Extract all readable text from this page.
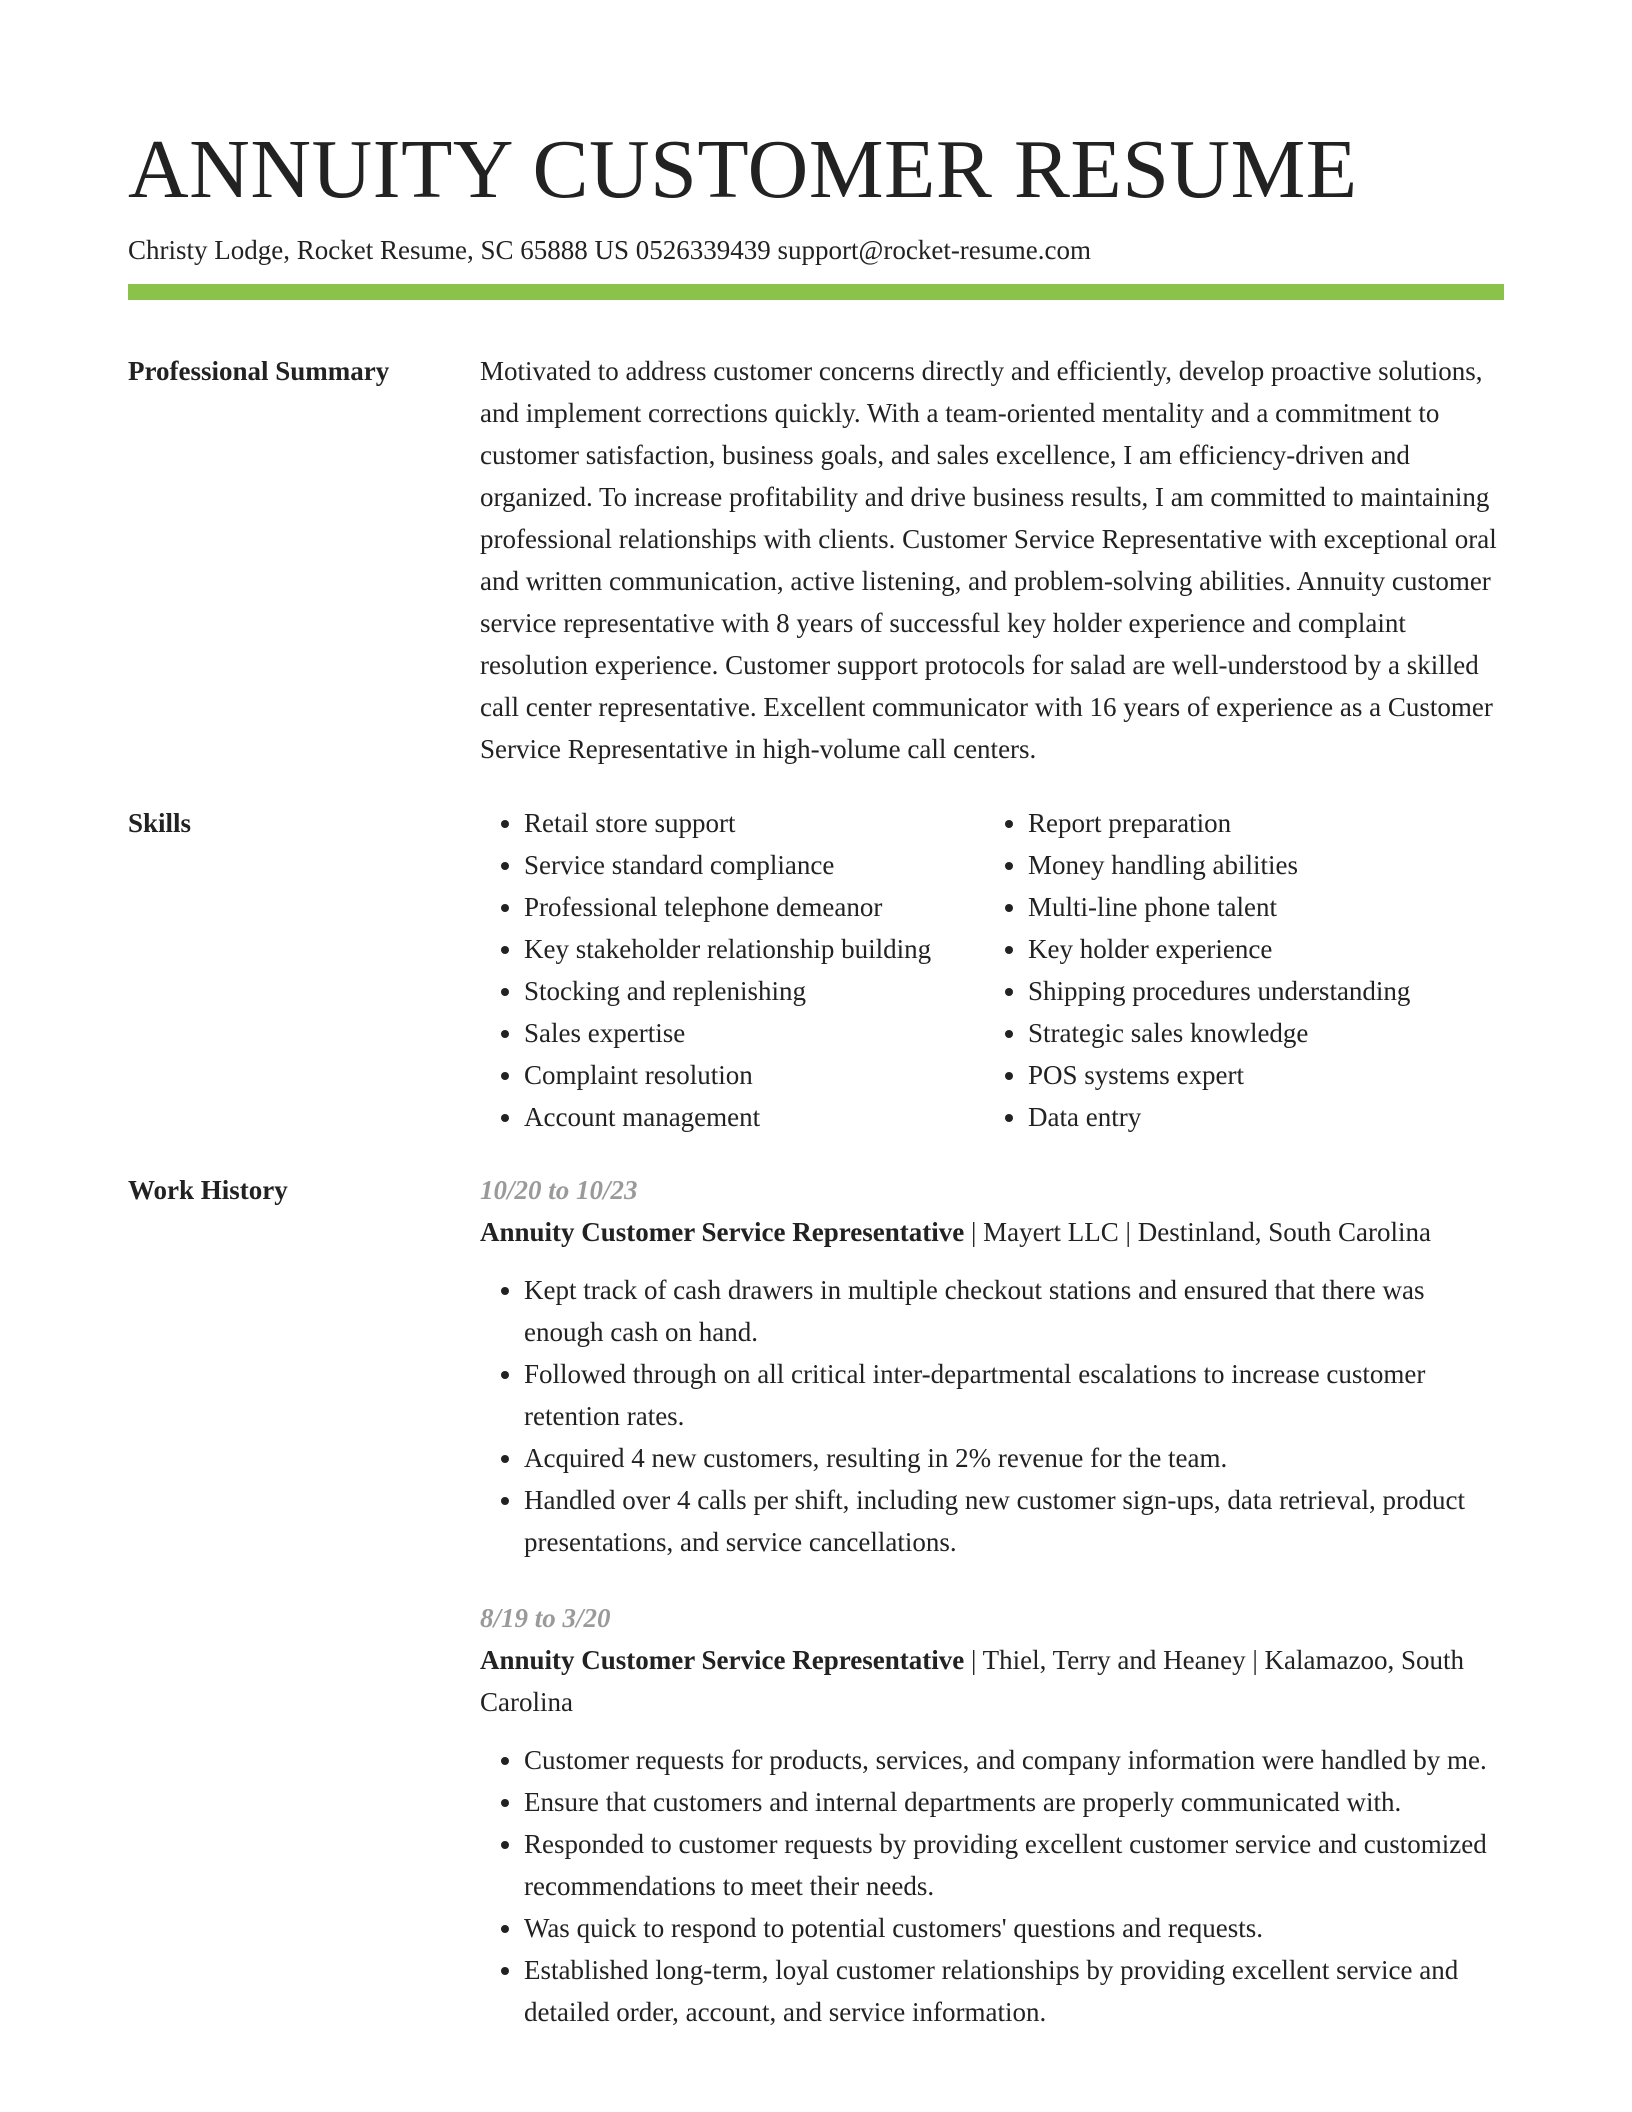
ANNUITY CUSTOMER RESUME
Christy Lodge, Rocket Resume, SC 65888 US 0526339439 support@rocket-resume.com
Professional Summary	Motivated to address customer concerns directly and efficiently, develop proactive solutions, and implement corrections quickly. With a team-oriented mentality and a commitment to customer satisfaction, business goals, and sales excellence, I am efficiency-driven and organized. To increase profitability and drive business results, I am committed to maintaining professional relationships with clients. Customer Service Representative with exceptional oral and written communication, active listening, and problem-solving abilities. Annuity customer service representative with 8 years of successful key holder experience and complaint resolution experience. Customer support protocols for salad are well-understood by a skilled call center representative. Excellent communicator with 16 years of experience as a Customer Service Representative in high-volume call centers.

Skills
•	Retail store support
• Service standard compliance
• Professional telephone demeanor
• Key stakeholder relationship building
• Stocking and replenishing
• Sales expertise
• Complaint resolution
• Account management
• Report preparation
• Money handling abilities
• Multi-line phone talent
• Key holder experience
• Shipping procedures understanding
• Strategic sales knowledge
• POS systems expert
• Data entry
Work History	10/20 to 10/23
Annuity Customer Service Representative | Mayert LLC | Destinland, South Carolina
• Kept track of cash drawers in multiple checkout stations and ensured that there was enough cash on hand.
• Followed through on all critical inter-departmental escalations to increase customer retention rates.
• Acquired 4 new customers, resulting in 2% revenue for the team.
• Handled over 4 calls per shift, including new customer sign-ups, data retrieval, product presentations, and service cancellations.
8/19 to 3/20
Annuity Customer Service Representative | Thiel, Terry and Heaney | Kalamazoo, South Carolina
• Customer requests for products, services, and company information were handled by me.
• Ensure that customers and internal departments are properly communicated with.
• Responded to customer requests by providing excellent customer service and customized recommendations to meet their needs.
• Was quick to respond to potential customers' questions and requests.
• Established long-term, loyal customer relationships by providing excellent service and detailed order, account, and service information.
